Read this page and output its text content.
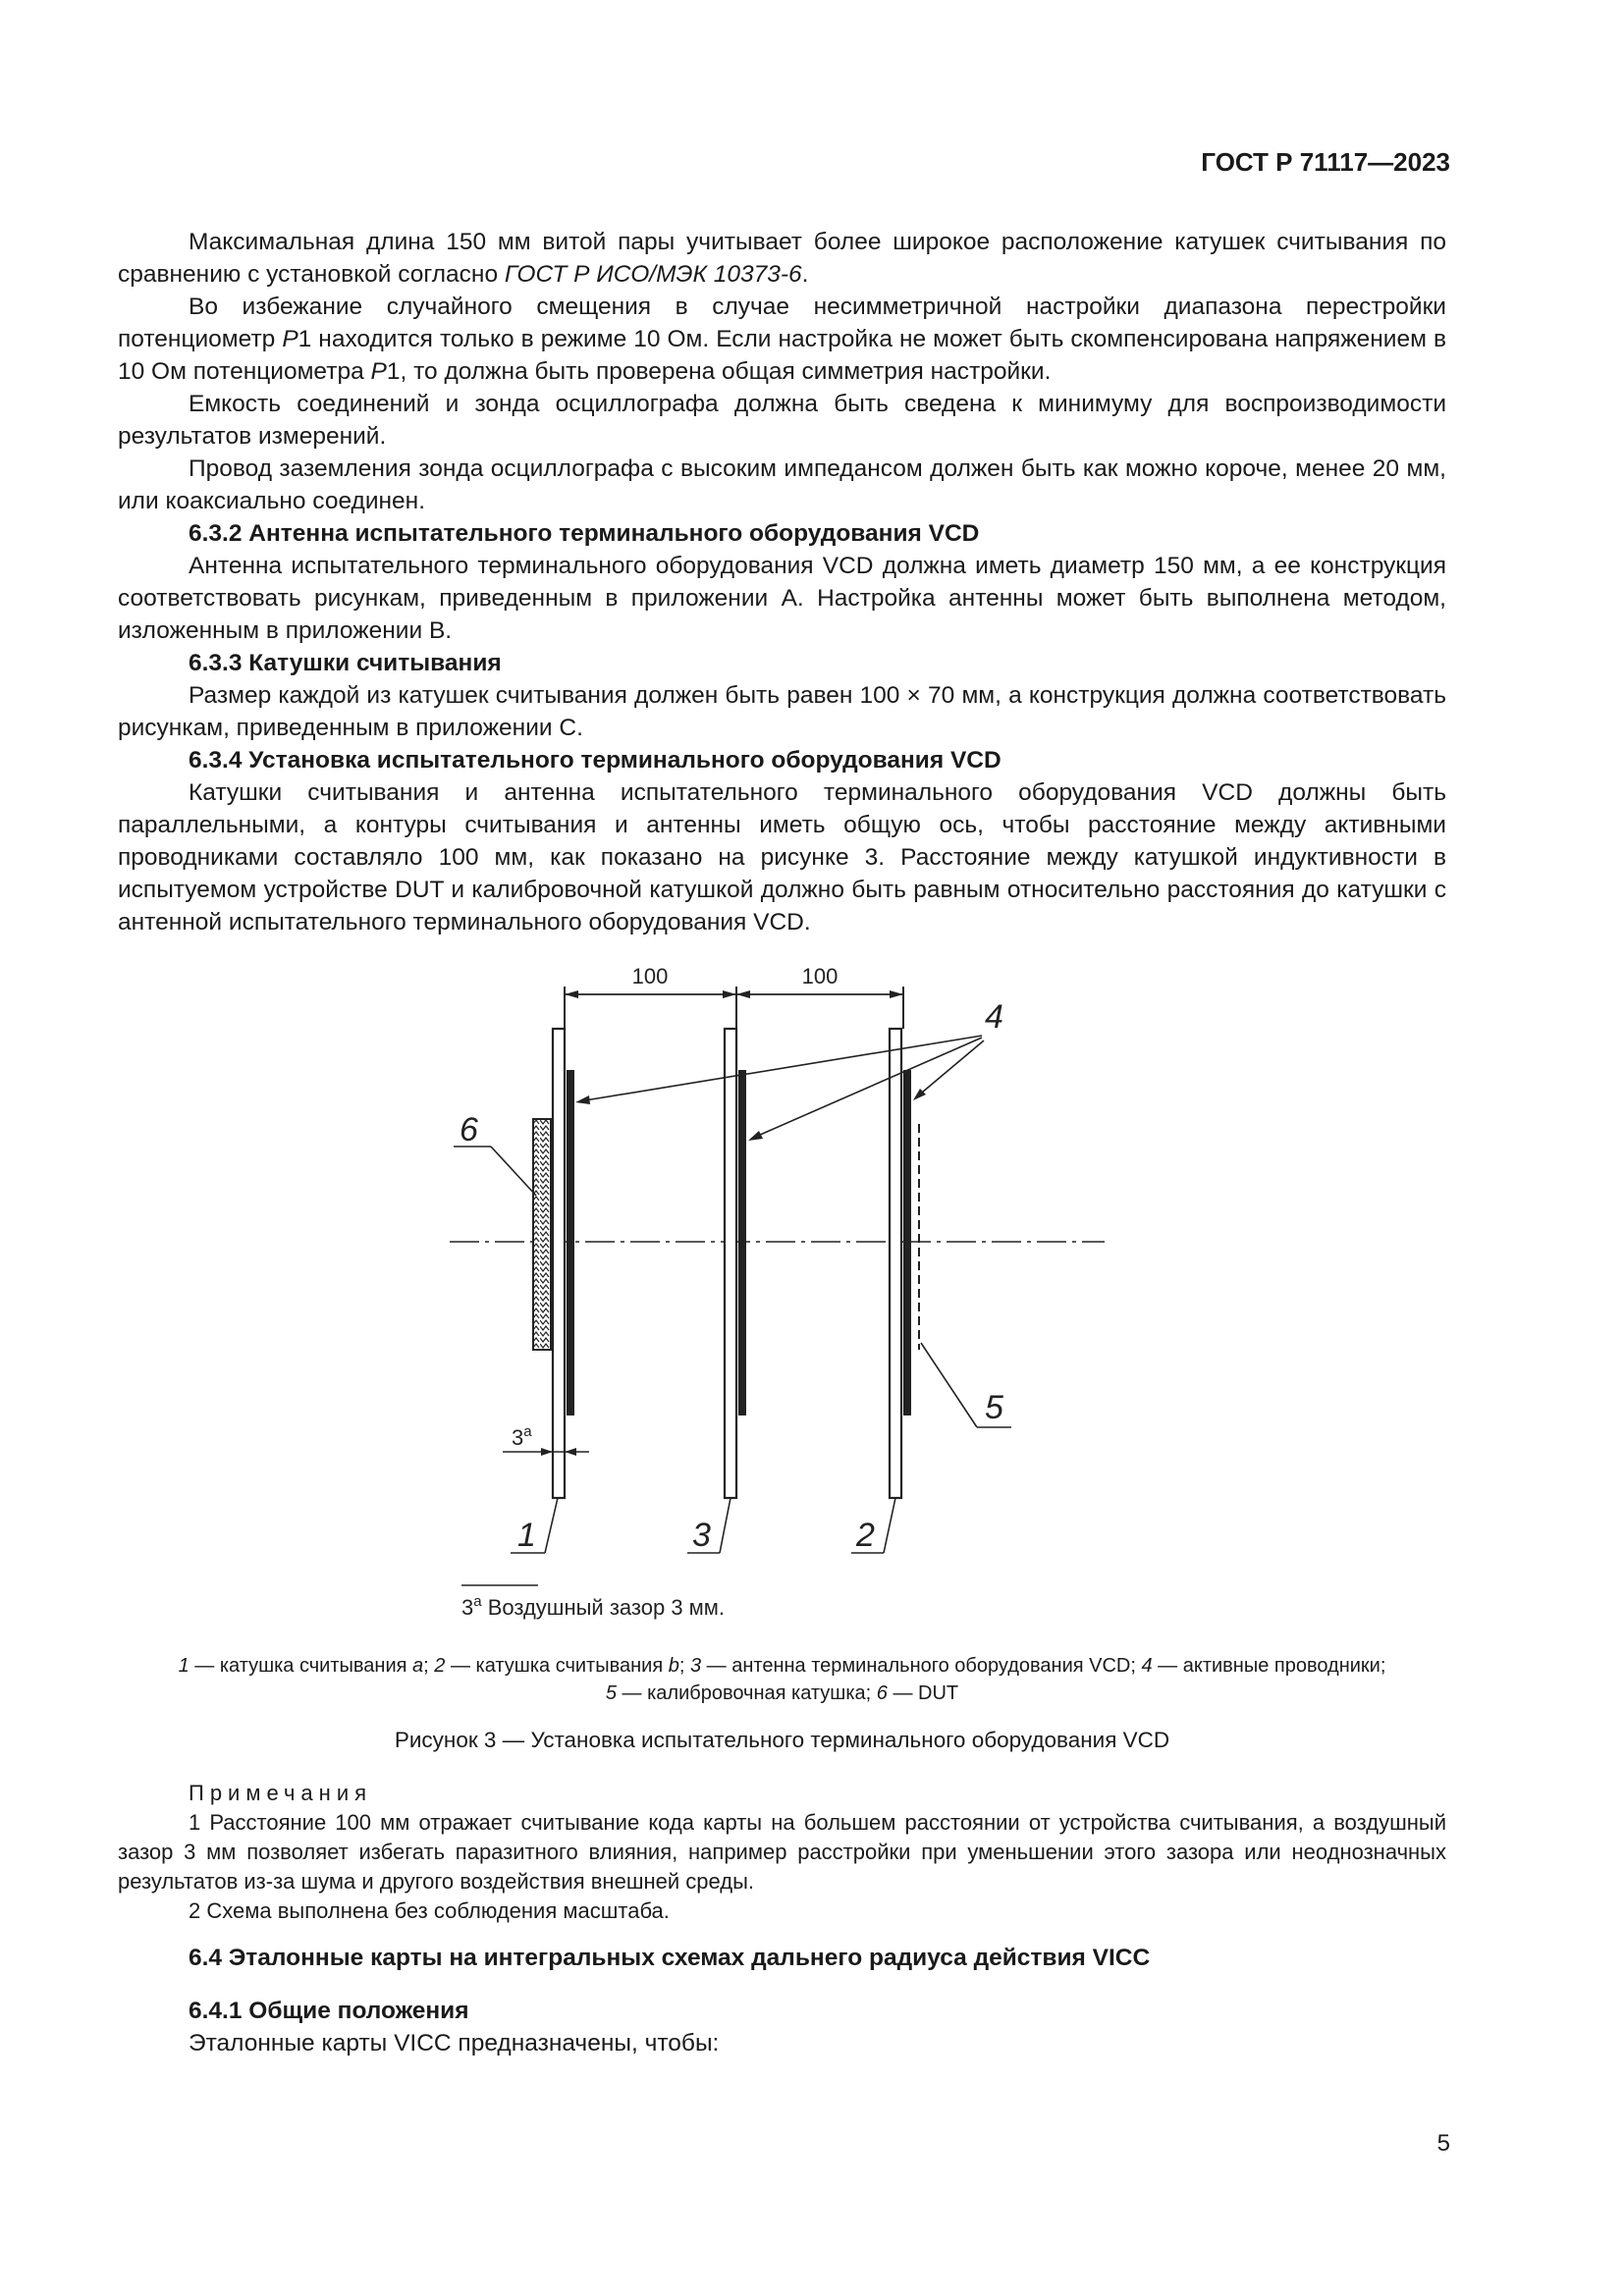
ГОСТ Р 71117—2023

Максимальная длина 150 мм витой пары учитывает более широкое расположение катушек считывания по сравнению с установкой согласно ГОСТ Р ИСО/МЭК 10373-6.

Во избежание случайного смещения в случае несимметричной настройки диапазона перестройки потенциометр P1 находится только в режиме 10 Ом. Если настройка не может быть скомпенсирована напряжением в 10 Ом потенциометра P1, то должна быть проверена общая симметрия настройки.

Емкость соединений и зонда осциллографа должна быть сведена к минимуму для воспроизводимости результатов измерений.

Провод заземления зонда осциллографа с высоким импедансом должен быть как можно короче, менее 20 мм, или коаксиально соединен.

6.3.2 Антенна испытательного терминального оборудования VCD

Антенна испытательного терминального оборудования VCD должна иметь диаметр 150 мм, а ее конструкция соответствовать рисункам, приведенным в приложении А. Настройка антенны может быть выполнена методом, изложенным в приложении В.

6.3.3 Катушки считывания

Размер каждой из катушек считывания должен быть равен 100 × 70 мм, а конструкция должна соответствовать рисункам, приведенным в приложении С.

6.3.4 Установка испытательного терминального оборудования VCD

Катушки считывания и антенна испытательного терминального оборудования VCD должны быть параллельными, а контуры считывания и антенны иметь общую ось, чтобы расстояние между активными проводниками составляло 100 мм, как показано на рисунке 3. Расстояние между катушкой индуктивности в испытуемом устройстве DUT и калибровочной катушкой должно быть равным относительно расстояния до катушки с антенной испытательного терминального оборудования VCD.

100	100
4
6
5
$3^а$
1	3	2
$3^а$ Воздушный зазор 3 мм.
1 — катушка считывания a; 2 — катушка считывания b; 3 — антенна терминального оборудования VCD; 4 — активные проводники;
5 — калибровочная катушка; 6 — DUT
Рисунок 3 — Установка испытательного терминального оборудования VCD
Примечания

1 Расстояние 100 мм отражает считывание кода карты на большем расстоянии от устройства считывания, а воздушный зазор 3 мм позволяет избегать паразитного влияния, например расстройки при уменьшении этого зазора или неоднозначных результатов из-за шума и другого воздействия внешней среды.

2 Схема выполнена без соблюдения масштаба.

6.4 Эталонные карты на интегральных схемах дальнего радиуса действия VICC

6.4.1 Общие положения

Эталонные карты VICC предназначены, чтобы:

5
